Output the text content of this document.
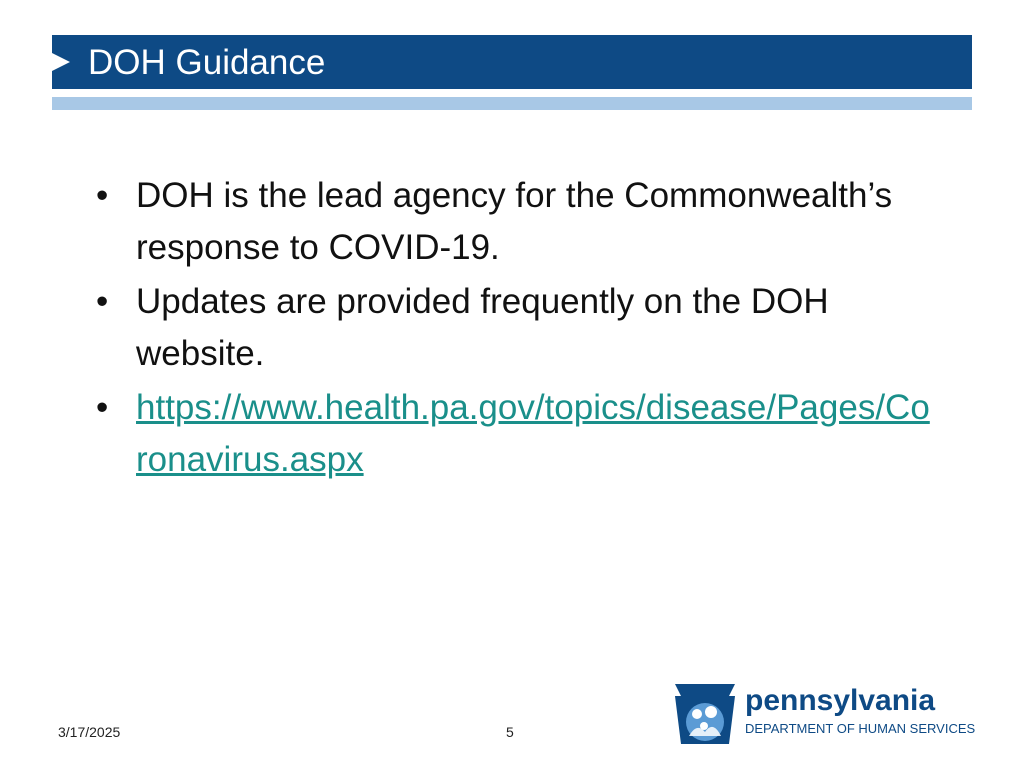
DOH Guidance
• DOH is the lead agency for the Commonwealth’s response to COVID-19.
• Updates are provided frequently on the DOH website.
• https://www.health.pa.gov/topics/disease/Pages/Coronavirus.aspx
3/17/2025	5
pennsylvania
DEPARTMENT OF HUMAN SERVICES
